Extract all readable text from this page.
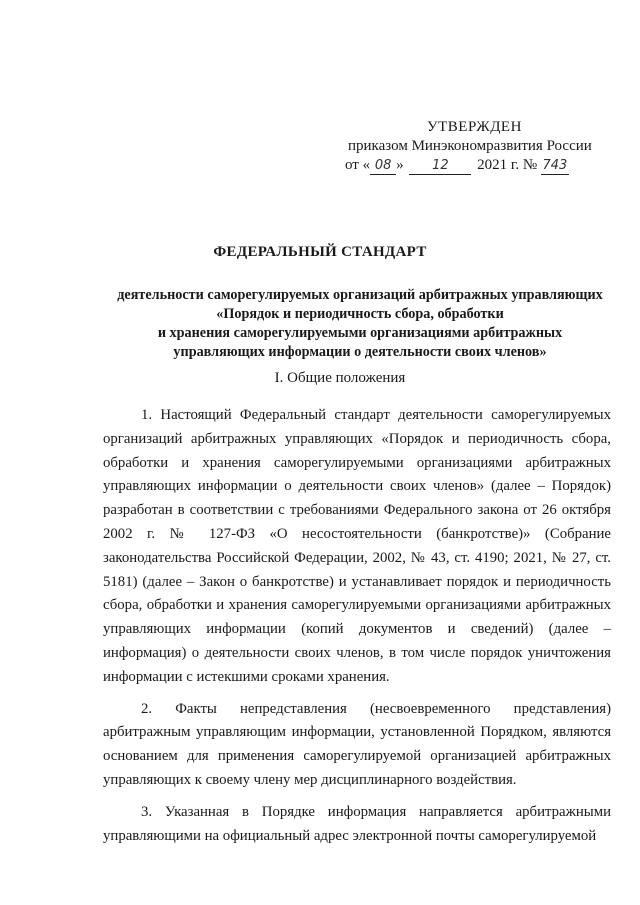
УТВЕРЖДЕН
приказом Минэкономразвития России
от « 08 » 12 2021 г. № 743
ФЕДЕРАЛЬНЫЙ СТАНДАРТ
деятельности саморегулируемых организаций арбитражных управляющих
«Порядок и периодичность сбора, обработки
и хранения саморегулируемыми организациями арбитражных
управляющих информации о деятельности своих членов»
I. Общие положения

1. Настоящий Федеральный стандарт деятельности саморегулируемых организаций арбитражных управляющих «Порядок и периодичность сбора, обработки и хранения саморегулируемыми организациями арбитражных управляющих информации о деятельности своих членов» (далее – Порядок) разработан в соответствии с требованиями Федерального закона от 26 октября 2002 г. № 127-ФЗ «О несостоятельности (банкротстве)» (Собрание законодательства Российской Федерации, 2002, № 43, ст. 4190; 2021, № 27, ст. 5181) (далее – Закон о банкротстве) и устанавливает порядок и периодичность сбора, обработки и хранения саморегулируемыми организациями арбитражных управляющих информации (копий документов и сведений) (далее – информация) о деятельности своих членов, в том числе порядок уничтожения информации с истекшими сроками хранения.

2. Факты непредставления (несвоевременного представления) арбитражным управляющим информации, установленной Порядком, являются основанием для применения саморегулируемой организацией арбитражных управляющих к своему члену мер дисциплинарного воздействия.

3. Указанная в Порядке информация направляется арбитражными управляющими на официальный адрес электронной почты саморегулируемой
